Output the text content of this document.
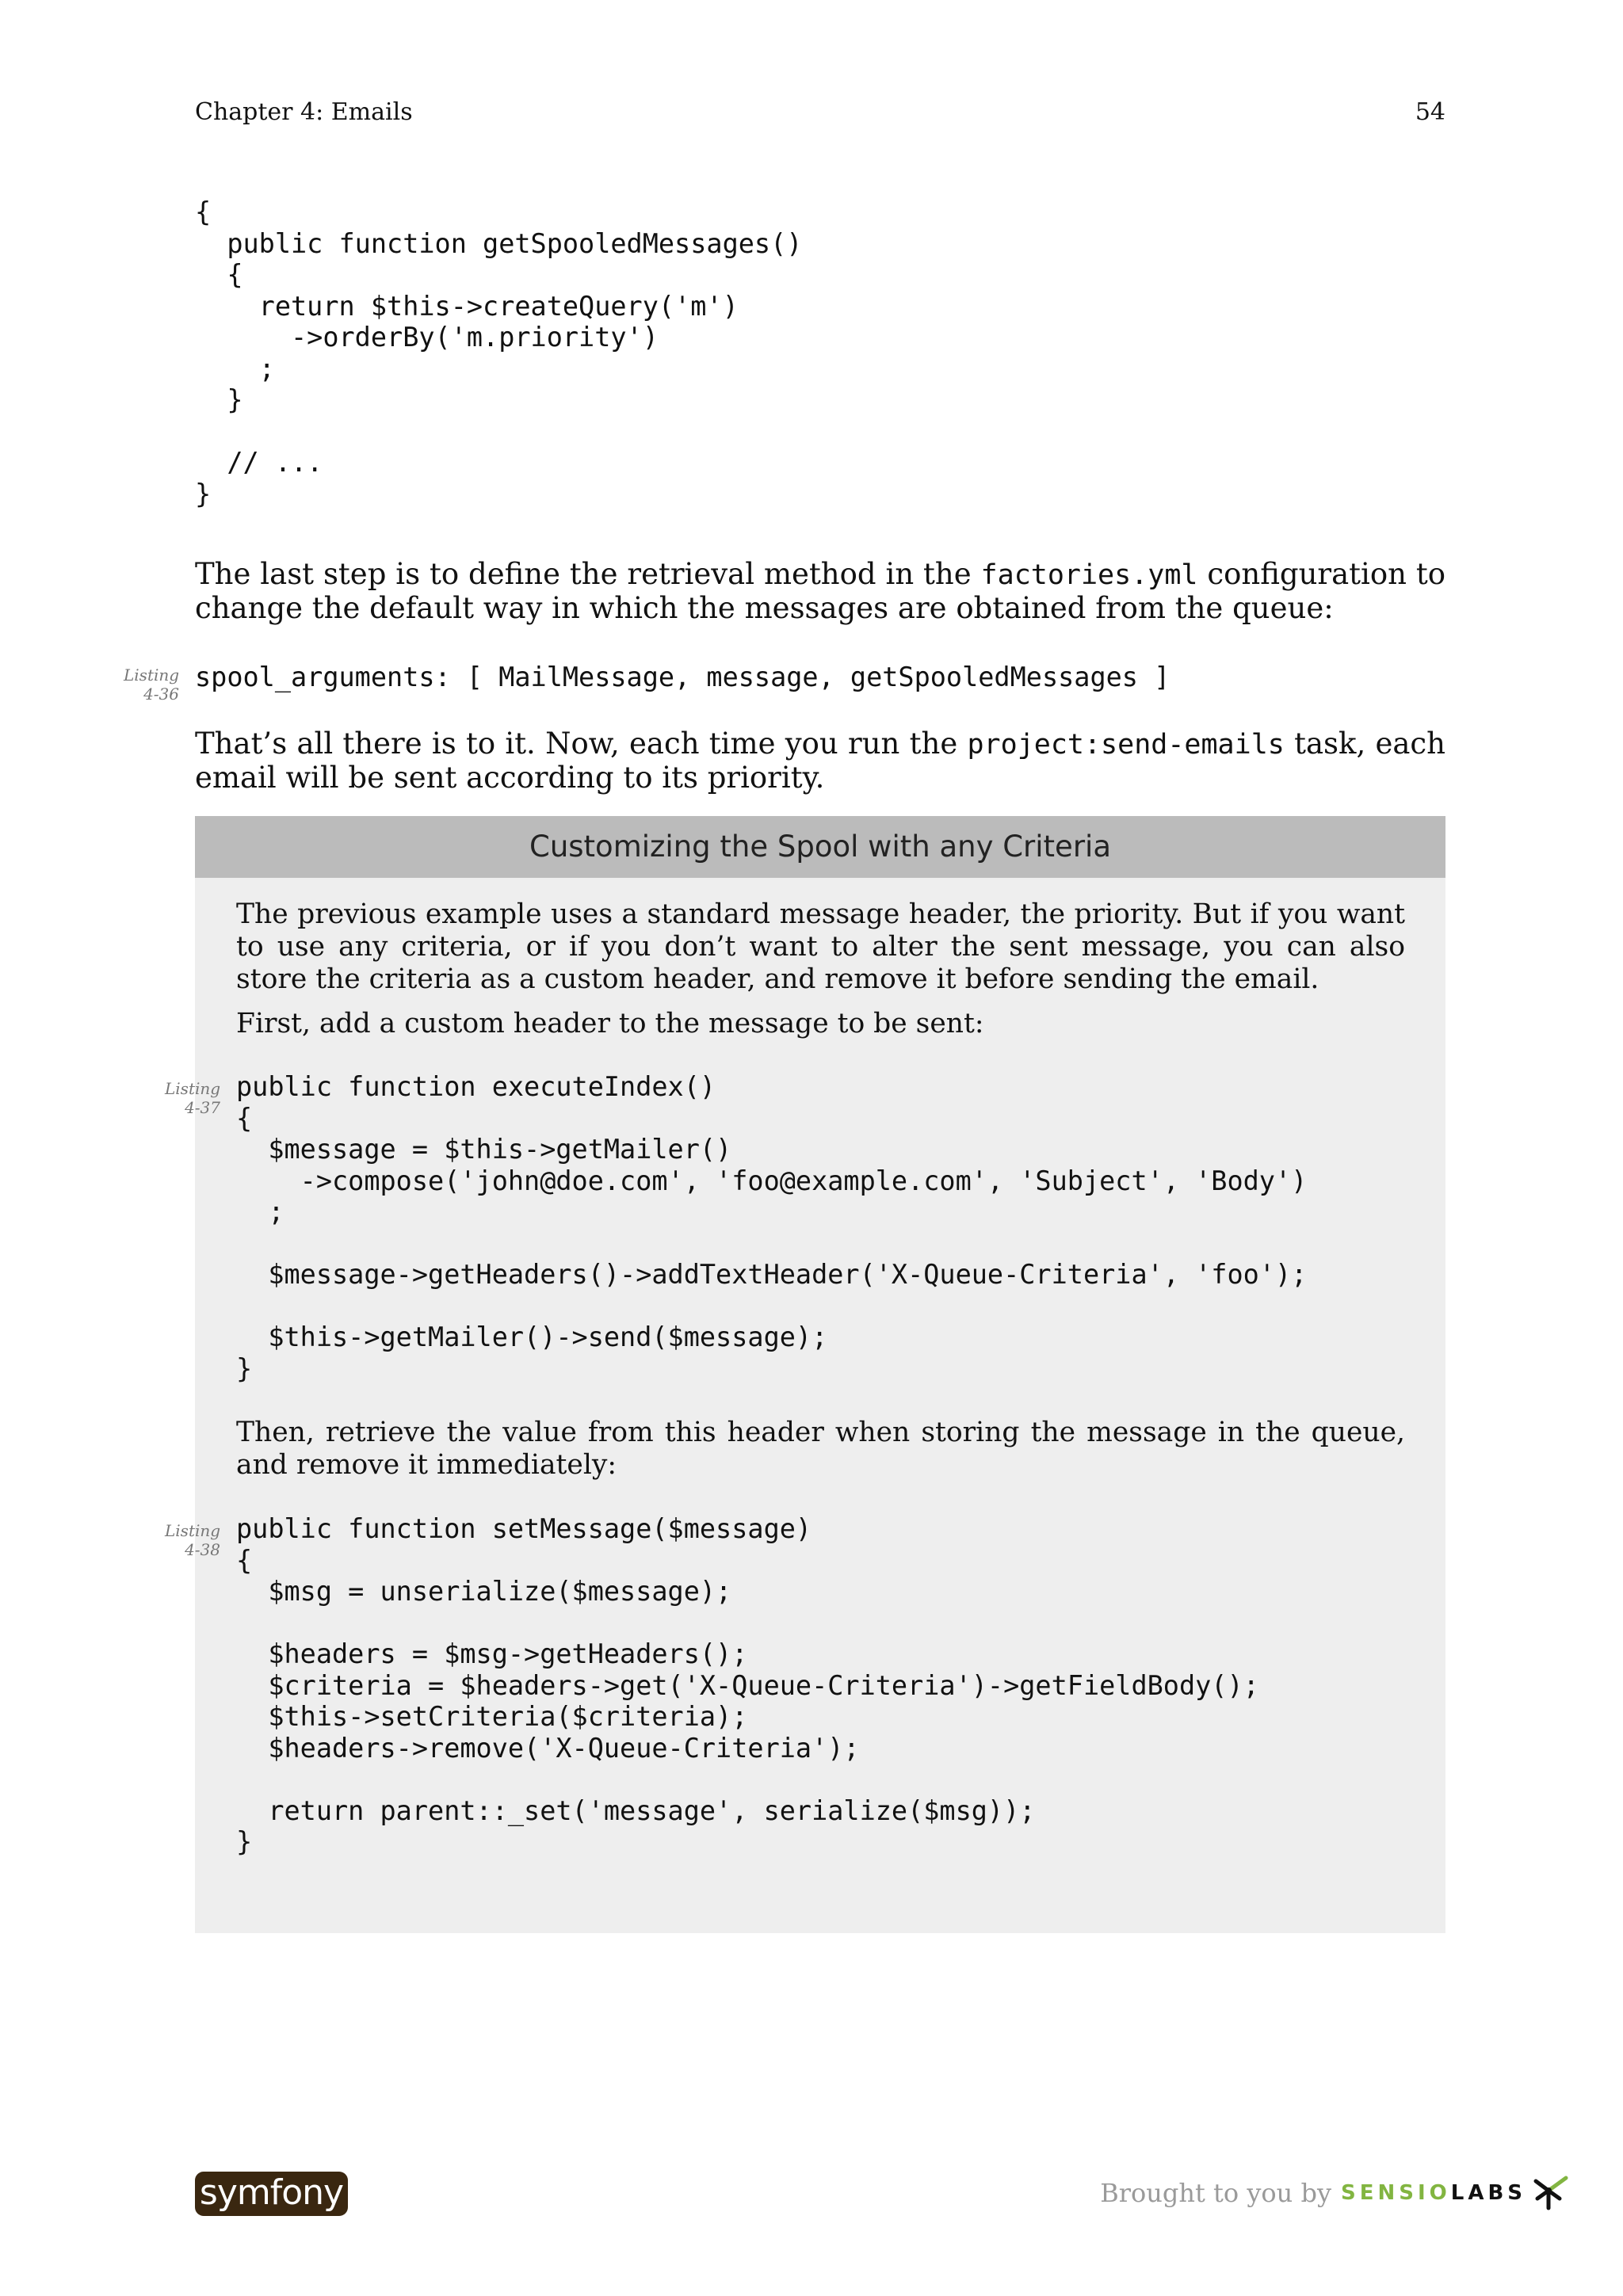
Chapter 4: Emails	54
{
public function getSpooledMessages()
{
return $this->createQuery('m')
->orderBy('m.priority')
;
}

// ...
}

The last step is to define the retrieval method in the factories.yml configuration to change the default way in which the messages are obtained from the queue:

Listing
4-36
spool_arguments: [ MailMessage, message, getSpooledMessages ]

That’s all there is to it. Now, each time you run the project:send-emails task, each email will be sent according to its priority.

Customizing the Spool with any Criteria

The previous example uses a standard message header, the priority. But if you want to use any criteria, or if you don’t want to alter the sent message, you can also store the criteria as a custom header, and remove it before sending the email.

First, add a custom header to the message to be sent:

Listing
4-37
public function executeIndex()
{
$message = $this->getMailer()
->compose('john@doe.com', 'foo@example.com', 'Subject', 'Body')
;

$message->getHeaders()->addTextHeader('X-Queue-Criteria', 'foo');

$this->getMailer()->send($message);
}

Then, retrieve the value from this header when storing the message in the queue, and remove it immediately:

Listing
4-38
public function setMessage($message)
{
$msg = unserialize($message);

$headers = $msg->getHeaders();
$criteria = $headers->get('X-Queue-Criteria')->getFieldBody();
$this->setCriteria($criteria);
$headers->remove('X-Queue-Criteria');

return parent::_set('message', serialize($msg));
}
symfony	Brought to you by SENSIO LABS
